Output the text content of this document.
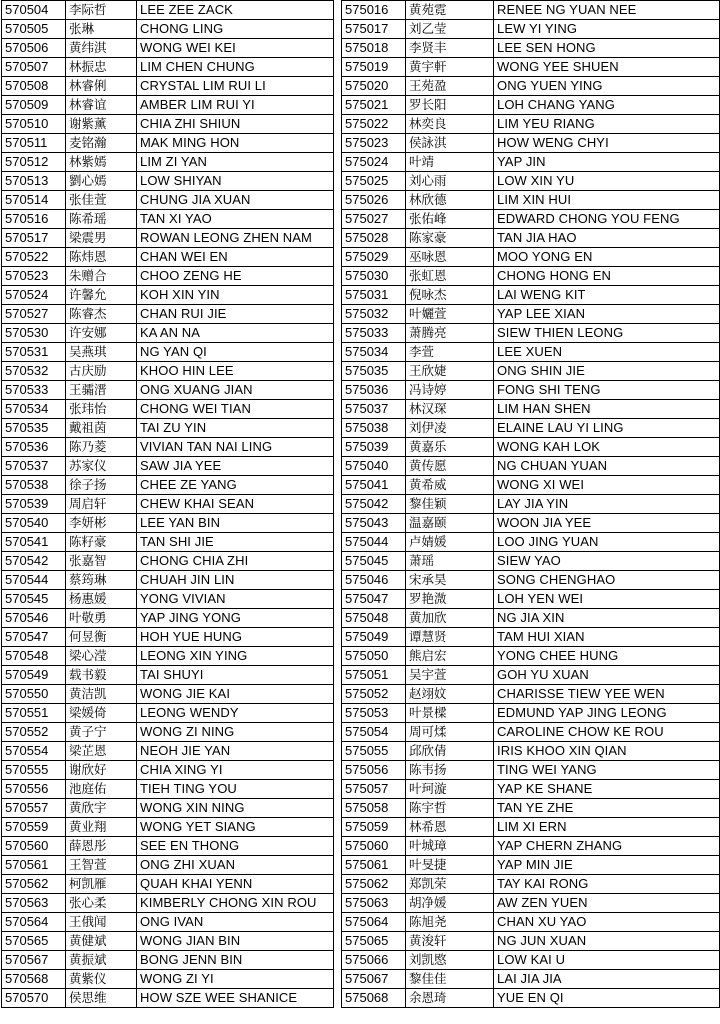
570504	李际哲	LEE ZEE ZACK
570505	张琳	CHONG LING
570506	黄纬淇	WONG WEI KEI
570507	林振忠	LIM CHEN CHUNG
570508	林睿俐	CRYSTAL LIM RUI LI
570509	林睿谊	AMBER LIM RUI YI
570510	谢紫薰	CHIA ZHI SHIUN
570511	麦铭瀚	MAK MING HON
570512	林紫嫣	LIM ZI YAN
570513	劉心嫣	LOW SHIYAN
570514	张佳萱	CHUNG JIA XUAN
570516	陈希瑶	TAN XI YAO
570517	梁震男	ROWAN LEONG ZHEN NAM
570522	陈炜恩	CHAN WEI EN
570523	朱赠合	CHOO ZENG HE
570524	许馨允	KOH XIN YIN
570527	陈睿杰	CHAN RUI JIE
570530	许安娜	KA AN NA
570531	吴燕琪	NG YAN QI
570532	古庆励	KHOO HIN LEE
570533	王骦溍	ONG XUANG JIAN
570534	张玮怡	CHONG WEI TIAN
570535	戴祖茵	TAI ZU YIN
570536	陈乃菱	VIVIAN TAN NAI LING
570537	苏家仪	SAW JIA YEE
570538	徐子扬	CHEE ZE YANG
570539	周启轩	CHEW KHAI SEAN
570540	李妍彬	LEE YAN BIN
570541	陈籽豪	TAN SHI JIE
570542	张嘉智	CHONG CHIA ZHI
570544	蔡筠琳	CHUAH JIN LIN
570545	杨惠媛	YONG VIVIAN
570546	叶敬勇	YAP JING YONG
570547	何昱衡	HOH YUE HUNG
570548	梁心滢	LEONG XIN YING
570549	载书毅	TAI SHUYI
570550	黄洁凯	WONG JIE KAI
570551	梁媛倚	LEONG WENDY
570552	黄子宁	WONG ZI NING
570554	梁芷恩	NEOH JIE YAN
570555	谢欣好	CHIA XING YI
570556	池庭佑	TIEH TING YOU
570557	黄欣宇	WONG XIN NING
570559	黄业翔	WONG YET SIANG
570560	薛恩彤	SEE EN THONG
570561	王智萱	ONG ZHI XUAN
570562	柯凯雁	QUAH KHAI YENN
570563	张心柔	KIMBERLY CHONG XIN ROU
570564	王俄闻	ONG IVAN
570565	黄健斌	WONG JIAN BIN
570567	黄振斌	BONG JENN BIN
570568	黄紫仪	WONG ZI YI
570570	侯思维	HOW SZE WEE SHANICE
575016	黄苑霓	RENEE NG YUAN NEE
575017	刘乙莹	LEW YI YING
575018	李贤丰	LEE SEN HONG
575019	黄宇軒	WONG YEE SHUEN
575020	王苑盈	ONG YUEN YING
575021	罗长阳	LOH CHANG YANG
575022	林奕良	LIM YEU RIANG
575023	侯詠淇	HOW WENG CHYI
575024	叶靖	YAP JIN
575025	刘心雨	LOW XIN YU
575026	林欣德	LIM XIN HUI
575027	张佑峰	EDWARD CHONG YOU FENG
575028	陈家豪	TAN JIA HAO
575029	巫咏恩	MOO YONG EN
575030	张虹恩	CHONG HONG EN
575031	倪咏杰	LAI WENG KIT
575032	叶孋萱	YAP LEE XIAN
575033	萧腾亮	SIEW THIEN LEONG
575034	李萱	LEE XUEN
575035	王欣婕	ONG SHIN JIE
575036	冯诗婷	FONG SHI TENG
575037	林汉琛	LIM HAN SHEN
575038	刘伊凌	ELAINE LAU YI LING
575039	黄嘉乐	WONG KAH LOK
575040	黄传愿	NG CHUAN YUAN
575041	黄希威	WONG XI WEI
575042	黎佳颖	LAY JIA YIN
575043	温嘉颐	WOON JIA YEE
575044	卢婧媛	LOO JING YUAN
575045	萧瑶	SIEW YAO
575046	宋承昊	SONG CHENGHAO
575047	罗艳溦	LOH YEN WEI
575048	黄加欣	NG JIA XIN
575049	谭慧贤	TAM HUI XIAN
575050	熊启宏	YONG CHEE HUNG
575051	吴宇萱	GOH YU XUAN
575052	赵翊妏	CHARISSE TIEW YEE WEN
575053	叶景樑	EDMUND YAP JING LEONG
575054	周可煣	CAROLINE CHOW KE ROU
575055	邱欣倩	IRIS KHOO XIN QIAN
575056	陈韦扬	TING WEI YANG
575057	叶珂漩	YAP KE SHANE
575058	陈宇哲	TAN YE ZHE
575059	林希恩	LIM XI ERN
575060	叶城璋	YAP CHERN ZHANG
575061	叶旻捷	YAP MIN JIE
575062	郑凯荣	TAY KAI RONG
575063	胡净媛	AW ZEN YUEN
575064	陈旭尧	CHAN XU YAO
575065	黄浚轩	NG JUN XUAN
575066	刘凯愍	LOW KAI U
575067	黎佳佳	LAI JIA JIA
575068	余恩琦	YUE EN QI
